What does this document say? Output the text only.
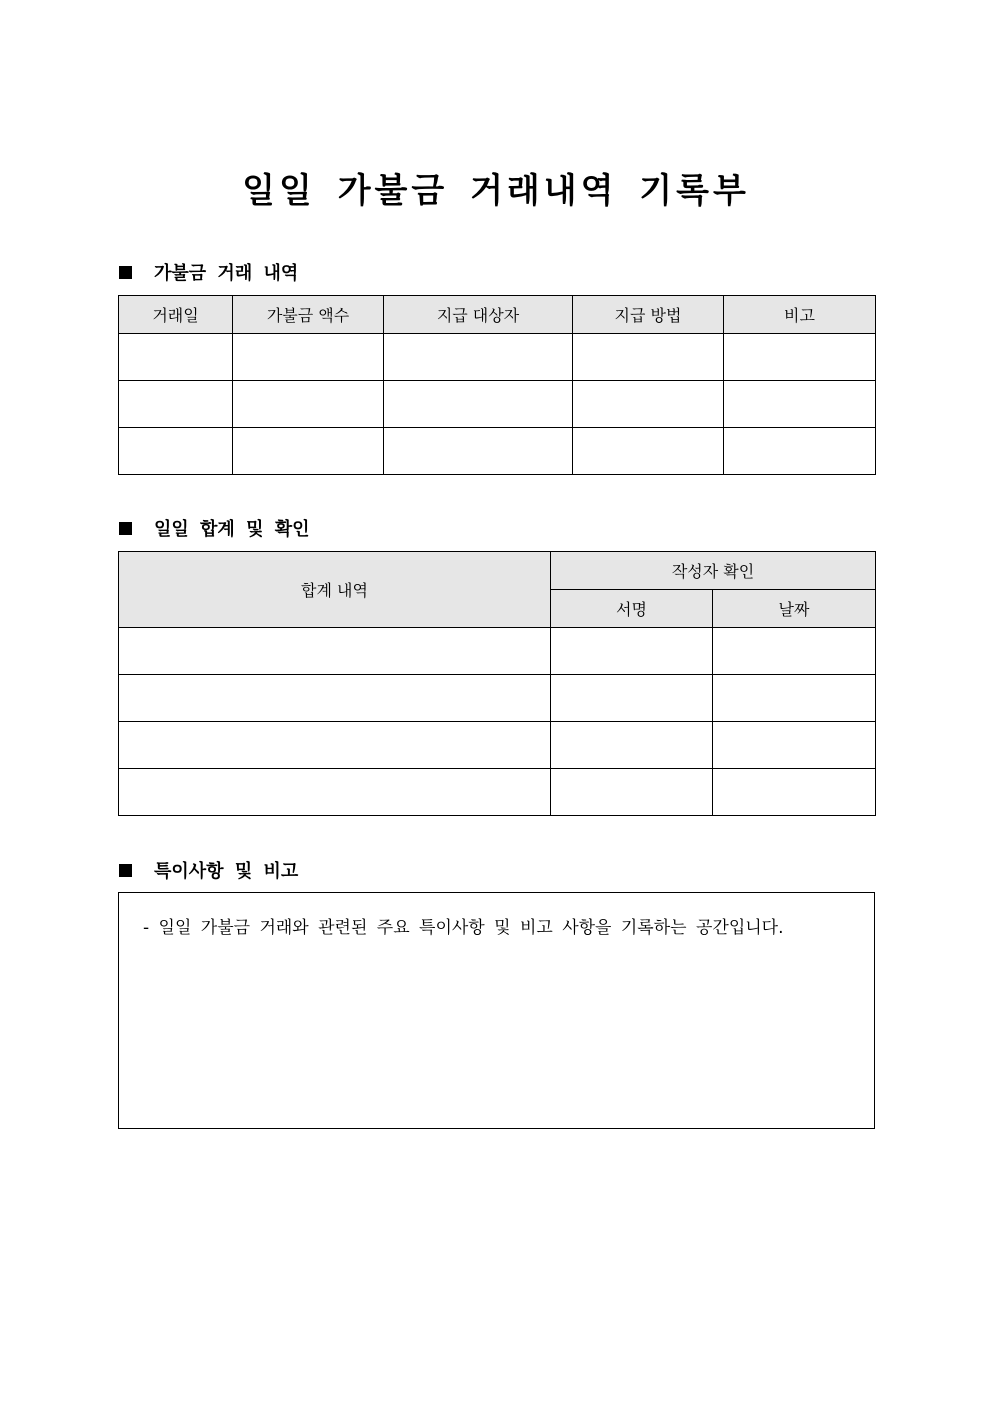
일일 가불금 거래내역 기록부
가불금 거래 내역
거래일	가불금 액수	지급 대상자	지급 방법	비고

일일 합계 및 확인
합계 내역	작성자 확인	
	서명	날짜

특이사항 및 비고
- 일일 가불금 거래와 관련된 주요 특이사항 및 비고 사항을 기록하는 공간입니다.
